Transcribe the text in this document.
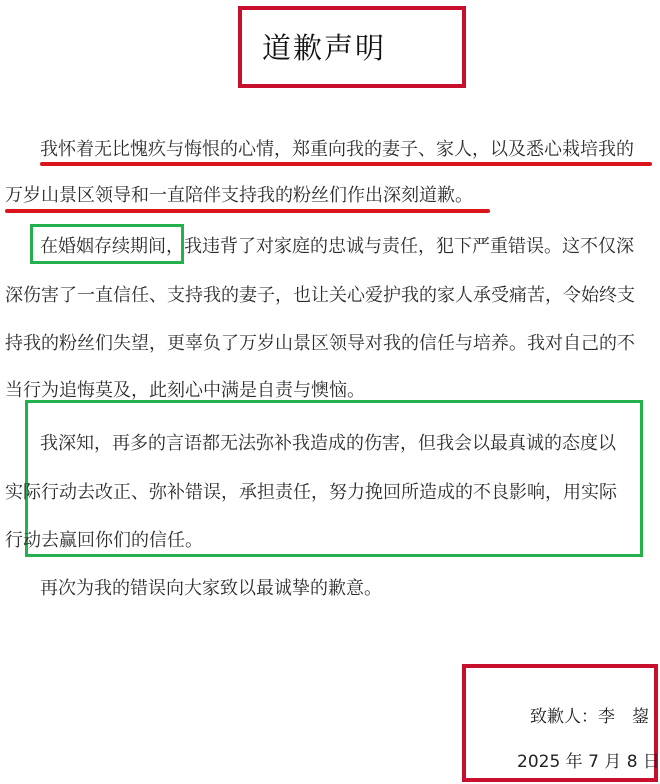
道歉声明
我怀着无比愧疚与悔恨的心情，郑重向我的妻子、家人，以及悉心栽培我的
万岁山景区领导和一直陪伴支持我的粉丝们作出深刻道歉。
在婚姻存续期间，我违背了对家庭的忠诚与责任，犯下严重错误。这不仅深
深伤害了一直信任、支持我的妻子，也让关心爱护我的家人承受痛苦，令始终支
持我的粉丝们失望，更辜负了万岁山景区领导对我的信任与培养。我对自己的不
当行为追悔莫及，此刻心中满是自责与懊恼。
我深知，再多的言语都无法弥补我造成的伤害，但我会以最真诚的态度以
实际行动去改正、弥补错误，承担责任，努力挽回所造成的不良影响，用实际
行动去赢回你们的信任。
再次为我的错误向大家致以最诚挚的歉意。
致歉人：李　鋆
2025 年 7 月 8 日
